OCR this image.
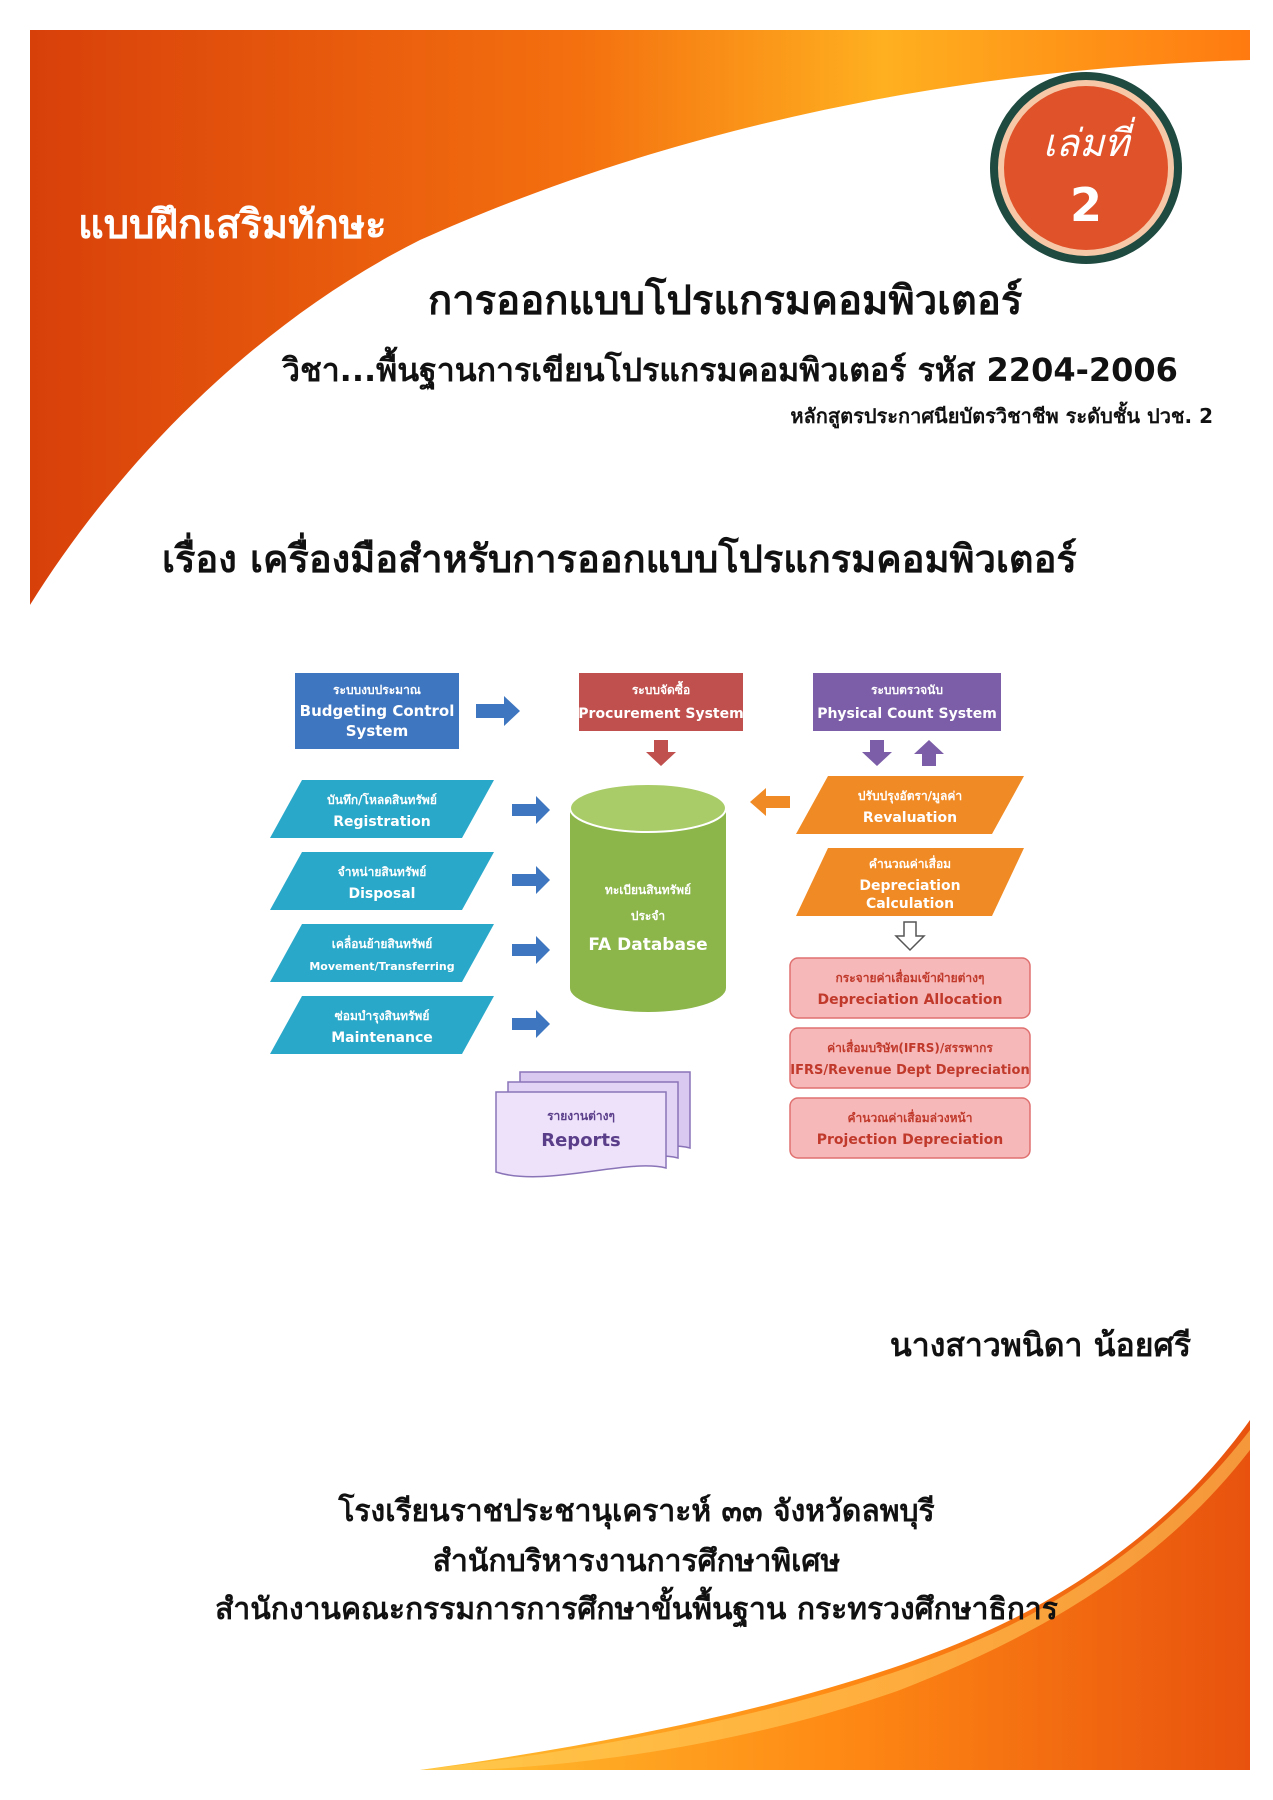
เล่มที่
2
แบบฝึกเสริมทักษะ
การออกแบบโปรแกรมคอมพิวเตอร์
วิชา...พื้นฐานการเขียนโปรแกรมคอมพิวเตอร์ รหัส 2204-2006
หลักสูตรประกาศนียบัตรวิชาชีพ ระดับชั้น ปวช. 2
เรื่อง เครื่องมือสำหรับการออกแบบโปรแกรมคอมพิวเตอร์
ระบบงบประมาณ
Budgeting Control
System
ระบบจัดซื้อ
Procurement System
ระบบตรวจนับ
Physical Count System
บันทึก/โหลดสินทรัพย์
Registration
จำหน่ายสินทรัพย์
Disposal
เคลื่อนย้ายสินทรัพย์
Movement/Transferring
ซ่อมบำรุงสินทรัพย์
Maintenance
ทะเบียนสินทรัพย์
ประจำ
FA Database
ปรับปรุงอัตรา/มูลค่า
Revaluation
คำนวณค่าเสื่อม
Depreciation
Calculation
กระจายค่าเสื่อมเข้าฝ่ายต่างๆ
Depreciation Allocation
ค่าเสื่อมบริษัท(IFRS)/สรรพากร
IFRS/Revenue Dept Depreciation
คำนวณค่าเสื่อมล่วงหน้า
Projection Depreciation
รายงานต่างๆ
Reports
นางสาวพนิดา น้อยศรี
โรงเรียนราชประชานุเคราะห์ ๓๓ จังหวัดลพบุรี
สำนักบริหารงานการศึกษาพิเศษ
สำนักงานคณะกรรมการการศึกษาขั้นพื้นฐาน กระทรวงศึกษาธิการ
